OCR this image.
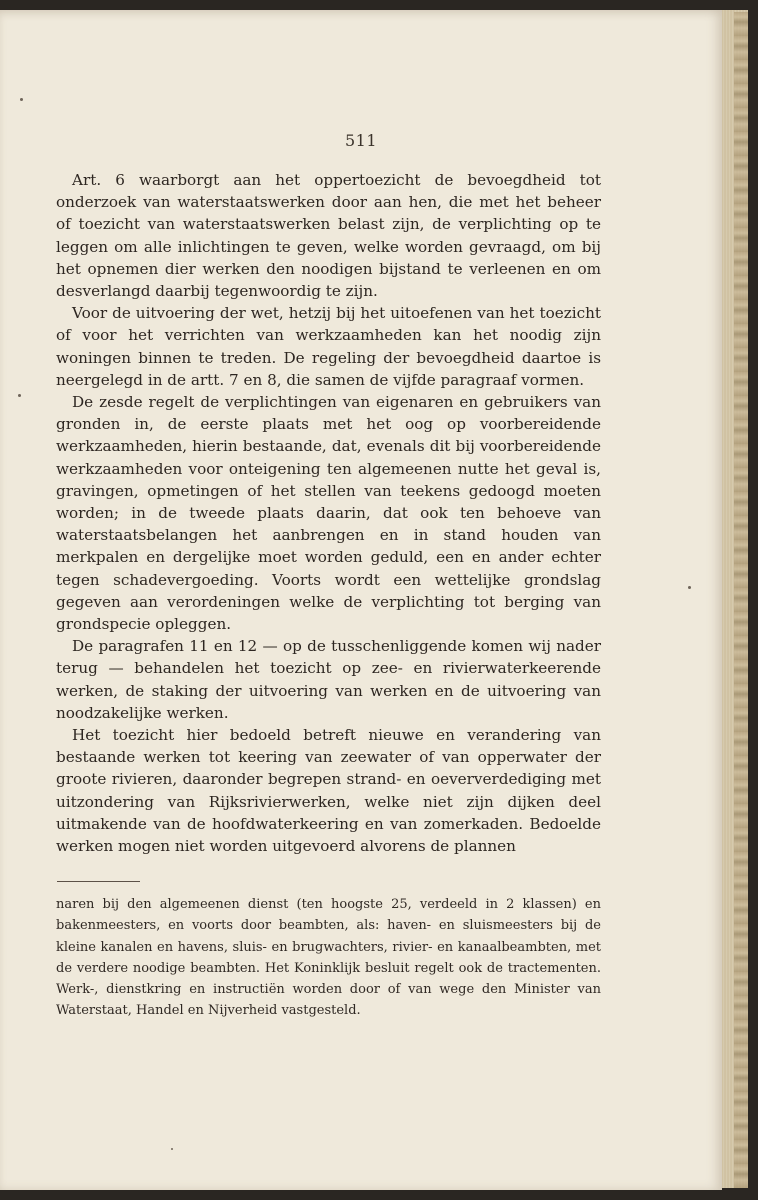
511

Art. 6 waarborgt aan het oppertoezicht de bevoegdheid tot onderzoek van waterstaatswerken door aan hen, die met het beheer of toezicht van waterstaatswerken belast zijn, de verplichting op te leggen om alle inlichtingen te geven, welke worden gevraagd, om bij het opnemen dier werken den noodigen bijstand te verleenen en om desverlangd daarbij tegenwoordig te zijn.

Voor de uitvoering der wet, hetzij bij het uitoefenen van het toezicht of voor het verrichten van werkzaamheden kan het noodig zijn woningen binnen te treden. De regeling der bevoegdheid daartoe is neergelegd in de artt. 7 en 8, die samen de vijfde paragraaf vormen.

De zesde regelt de verplichtingen van eigenaren en gebruikers van gronden in, de eerste plaats met het oog op voorbereidende werkzaamheden, hierin bestaande, dat, evenals dit bij voorbereidende werkzaamheden voor onteigening ten algemeenen nutte het geval is, gravingen, opmetingen of het stellen van teekens gedoogd moeten worden; in de tweede plaats daarin, dat ook ten behoeve van waterstaatsbelangen het aanbrengen en in stand houden van merkpalen en dergelijke moet worden geduld, een en ander echter tegen schadevergoeding. Voorts wordt een wettelijke grondslag gegeven aan verordeningen welke de verplichting tot berging van grondspecie opleggen.

De paragrafen 11 en 12 — op de tusschenliggende komen wij nader terug — behandelen het toezicht op zee- en rivierwaterkeerende werken, de staking der uitvoering van werken en de uitvoering van noodzakelijke werken.

Het toezicht hier bedoeld betreft nieuwe en verandering van bestaande werken tot keering van zeewater of van opperwater der groote rivieren, daaronder begrepen strand- en oeververdediging met uitzondering van Rijksrivierwerken, welke niet zijn dijken deel uitmakende van de hoofdwaterkeering en van zomerkaden. Bedoelde werken mogen niet worden uitgevoerd alvorens de plannen

naren bij den algemeenen dienst (ten hoogste 25, verdeeld in 2 klassen) en bakenmeesters, en voorts door beambten, als: haven- en sluismeesters bij de kleine kanalen en havens, sluis- en brugwachters, rivier- en kanaalbeambten, met de verdere noodige beambten. Het Koninklijk besluit regelt ook de tractementen. Werk-, dienstkring en instructiën worden door of van wege den Minister van Waterstaat, Handel en Nijverheid vastgesteld.
